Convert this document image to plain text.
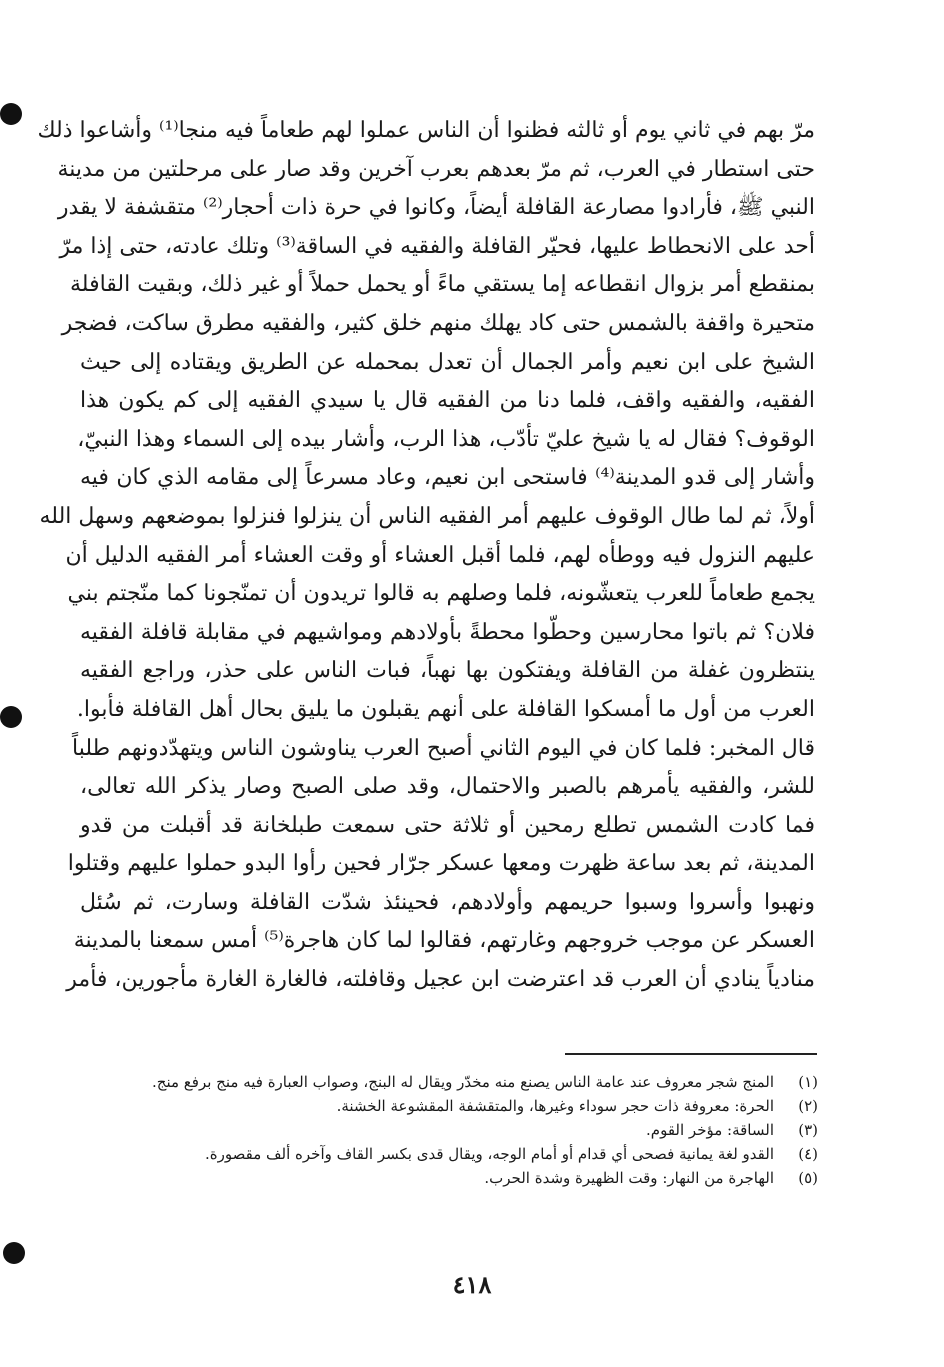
مرّ بهم في ثاني يوم أو ثالثه فظنوا أن الناس عملوا لهم طعاماً فيه منجا⁽¹⁾ وأشاعوا ذلك
حتى استطار في العرب، ثم مرّ بعدهم بعرب آخرين وقد صار على مرحلتين من مدينة
النبي ﷺ، فأرادوا مصارعة القافلة أيضاً، وكانوا في حرة ذات أحجار⁽²⁾ متقشفة لا يقدر
أحد على الانحطاط عليها، فحيّر القافلة والفقيه في الساقة⁽³⁾ وتلك عادته، حتى إذا مرّ
بمنقطع أمر بزوال انقطاعه إما يستقي ماءً أو يحمل حملاً أو غير ذلك، وبقيت القافلة
متحيرة واقفة بالشمس حتى كاد يهلك منهم خلق كثير، والفقيه مطرق ساكت، فضجر
الشيخ على ابن نعيم وأمر الجمال أن تعدل بمحمله عن الطريق ويقتاده إلى حيث
الفقيه، والفقيه واقف، فلما دنا من الفقيه قال يا سيدي الفقيه إلى كم يكون هذا
الوقوف؟ فقال له يا شيخ عليّ تأدّب، هذا الرب، وأشار بيده إلى السماء وهذا النبيّ،
وأشار إلى قدو المدينة⁽⁴⁾ فاستحى ابن نعيم، وعاد مسرعاً إلى مقامه الذي كان فيه
أولاً، ثم لما طال الوقوف عليهم أمر الفقيه الناس أن ينزلوا فنزلوا بموضعهم وسهل الله
عليهم النزول فيه ووطأه لهم، فلما أقبل العشاء أو وقت العشاء أمر الفقيه الدليل أن
يجمع طعاماً للعرب يتعشّونه، فلما وصلهم به قالوا تريدون أن تمنّجونا كما منّجتم بني
فلان؟ ثم باتوا محارسين وحطّوا محطةً بأولادهم ومواشيهم في مقابلة قافلة الفقيه
ينتظرون غفلة من القافلة ويفتكون بها نهباً، فبات الناس على حذر، وراجع الفقيه
العرب من أول ما أمسكوا القافلة على أنهم يقبلون ما يليق بحال أهل القافلة فأبوا.
قال المخبر: فلما كان في اليوم الثاني أصبح العرب يناوشون الناس ويتهدّدونهم طلباً
للشر، والفقيه يأمرهم بالصبر والاحتمال، وقد صلى الصبح وصار يذكر الله تعالى،
فما كادت الشمس تطلع رمحين أو ثلاثة حتى سمعت طبلخانة قد أقبلت من قدو
المدينة، ثم بعد ساعة ظهرت ومعها عسكر جرّار فحين رأوا البدو حملوا عليهم وقتلوا
ونهبوا وأسروا وسبوا حريمهم وأولادهم، فحينئذ شدّت القافلة وسارت، ثم سُئل
العسكر عن موجب خروجهم وغارتهم، فقالوا لما كان هاجرة⁽⁵⁾ أمس سمعنا بالمدينة
منادياً ينادي أن العرب قد اعترضت ابن عجيل وقافلته، فالغارة الغارة مأجورين، فأمر
(١)
المنج شجر معروف عند عامة الناس يصنع منه مخدّر ويقال له البنج، وصواب العبارة فيه منج برفع منج.
(٢)
الحرة: معروفة ذات حجر سوداء وغيرها، والمتقشفة المقشوعة الخشنة.
(٣)
الساقة: مؤخر القوم.
(٤)
القدو لغة يمانية فصحى أي قدام أو أمام الوجه، ويقال قدى بكسر القاف وآخره ألف مقصورة.
(٥)
الهاجرة من النهار: وقت الظهيرة وشدة الحرب.
٤١٨
